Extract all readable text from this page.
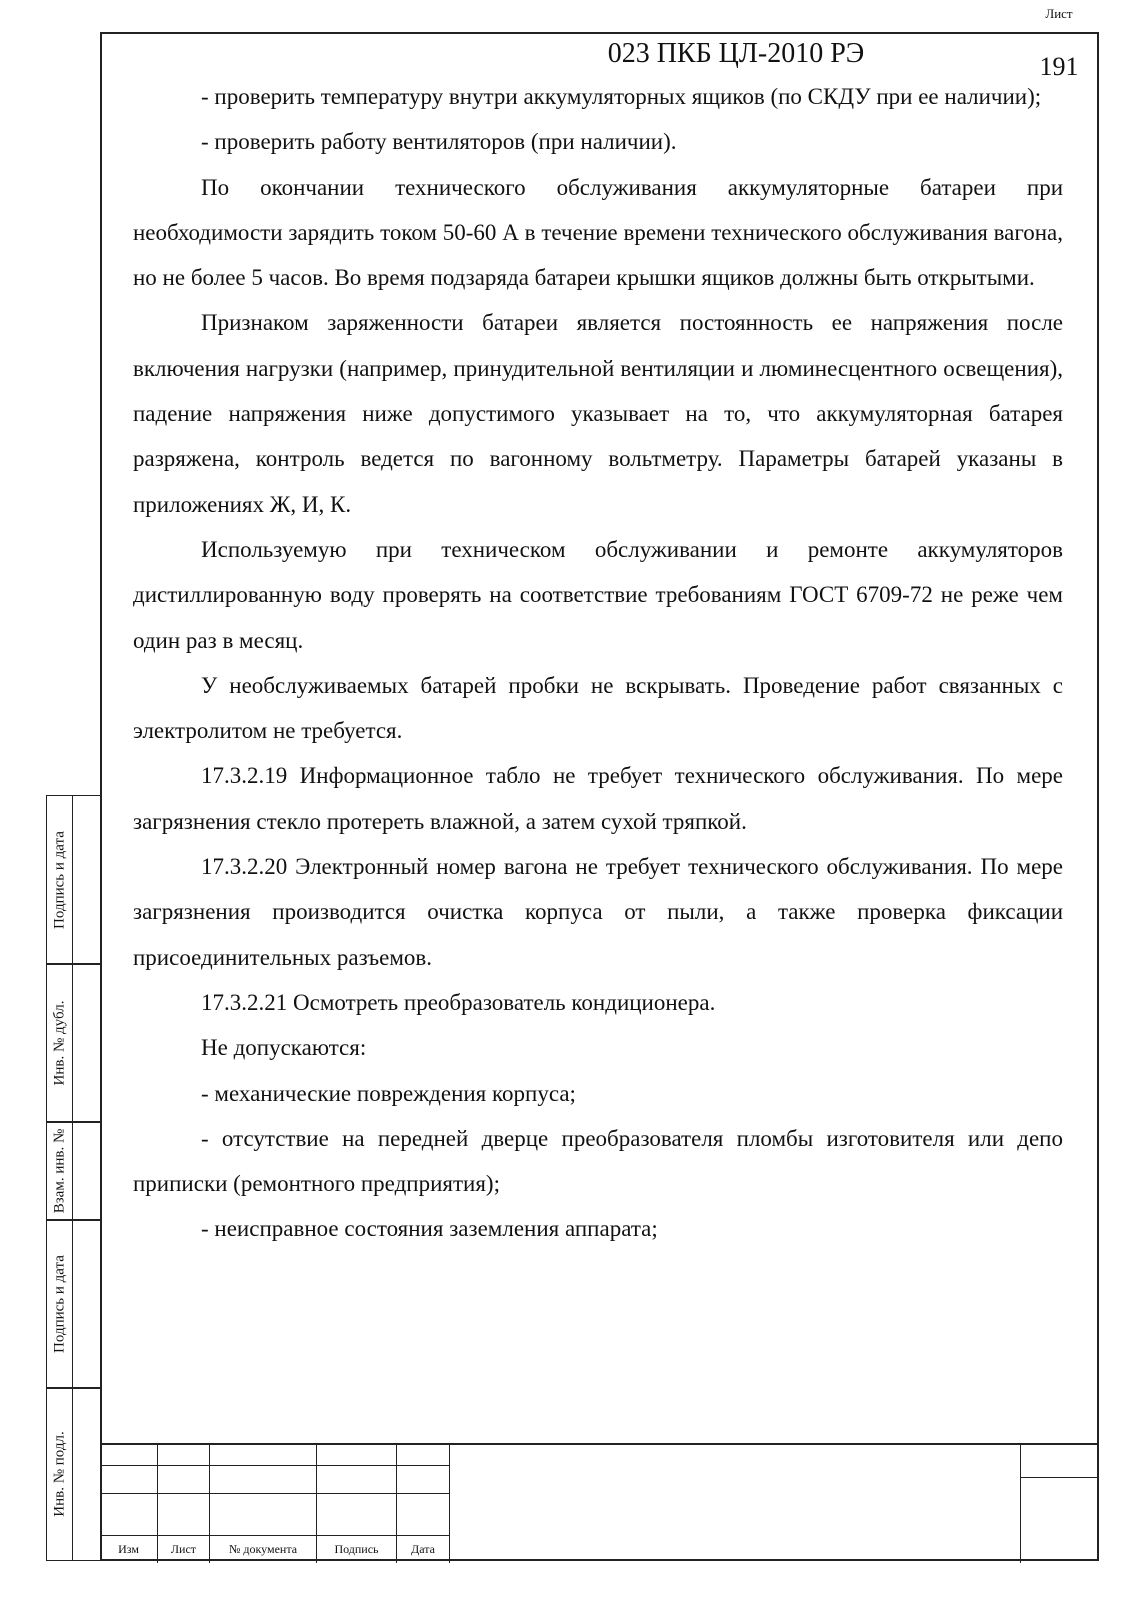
- проверить температуру внутри аккумуляторных ящиков (по СКДУ при ее наличии);

- проверить работу вентиляторов (при наличии).

По окончании технического обслуживания аккумуляторные батареи при необходимости зарядить током 50-60 А в течение времени технического обслуживания вагона, но не более 5 часов. Во время подзаряда батареи крышки ящиков должны быть открытыми.

Признаком заряженности батареи является постоянность ее напряжения после включения нагрузки (например, принудительной вентиляции и люминесцентного освещения), падение напряжения ниже допустимого указывает на то, что аккумуляторная батарея разряжена, контроль ведется по вагонному вольтметру. Параметры батарей указаны в приложениях Ж, И, К.

Используемую при техническом обслуживании и ремонте аккумуляторов дистиллированную воду проверять на соответствие требованиям ГОСТ 6709-72 не реже чем один раз в месяц.

У необслуживаемых батарей пробки не вскрывать. Проведение работ связанных с электролитом не требуется.

17.3.2.19 Информационное табло не требует технического обслуживания. По мере загрязнения стекло протереть влажной, а затем сухой тряпкой.

17.3.2.20 Электронный номер вагона не требует технического обслуживания. По мере загрязнения производится очистка корпуса от пыли, а также проверка фиксации присоединительных разъемов.

17.3.2.21 Осмотреть преобразователь кондиционера.

Не допускаются:

- механические повреждения корпуса;

- отсутствие на передней дверце преобразователя пломбы изготовителя или депо приписки (ремонтного предприятия);

- неисправное состояния заземления аппарата;

Подпись и дата
Инв. № дубл.
Взам. инв. №
Подпись и дата
Инв. № подл.
Изм	Лист	№ документа	Подпись	Дата
023 ПКБ ЦЛ-2010 РЭ
Лист
191
